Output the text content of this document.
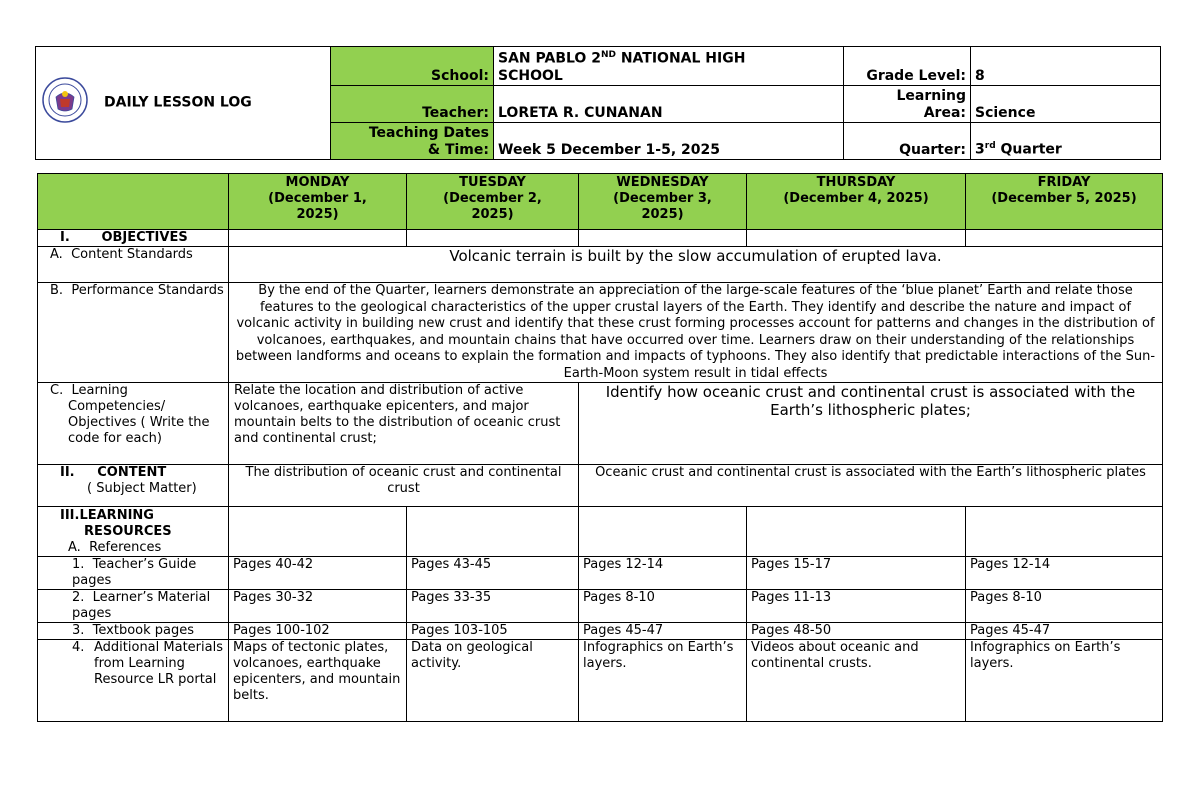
DAILY LESSON LOG	School:	SAN PABLO 2ND NATIONAL HIGH
SCHOOL	Grade Level:	8
	Teacher:	LORETA R. CUNANAN	Learning
Area:	Science
	Teaching Dates
& Time:	Week 5 December 1-5, 2025	Quarter:	3rd Quarter
	MONDAY
(December 1,
2025)	TUESDAY
(December 2,
2025)	WEDNESDAY
(December 3,
2025)	THURSDAY
(December 4, 2025)	FRIDAY
(December 5, 2025)
I. OBJECTIVES					
A. Content Standards	Volcanic terrain is built by the slow accumulation of erupted lava.				
B. Performance Standards	By the end of the Quarter, learners demonstrate an appreciation of the large-scale features of the ‘blue planet’ Earth and relate those features to the geological characteristics of the upper crustal layers of the Earth. They identify and describe the nature and impact of volcanic activity in building new crust and identify that these crust forming processes account for patterns and changes in the distribution of volcanoes, earthquakes, and mountain chains that have occurred over time. Learners draw on their understanding of the relationships between landforms and oceans to explain the formation and impacts of typhoons. They also identify that predictable interactions of the Sun-Earth-Moon system result in tidal effects				
C. Learning Competencies/ Objectives ( Write the code for each)	Relate the location and distribution of active volcanoes, earthquake epicenters, and major mountain belts to the distribution of oceanic crust and continental crust;		Identify how oceanic crust and continental crust is associated with the Earth’s lithospheric plates;		
II. CONTENT
( Subject Matter)	The distribution of oceanic crust and continental crust		Oceanic crust and continental crust is associated with the Earth’s lithospheric plates		
III.LEARNING
RESOURCES
A. References					
1. Teacher’s Guide pages	Pages 40-42	Pages 43-45	Pages 12-14	Pages 15-17	Pages 12-14
2. Learner’s Material pages	Pages 30-32	Pages 33-35	Pages 8-10	Pages 11-13	Pages 8-10
3. Textbook pages	Pages 100-102	Pages 103-105	Pages 45-47	Pages 48-50	Pages 45-47

4. Additional Materials from Learning Resource LR portal	Maps of tectonic plates, volcanoes, earthquake epicenters, and mountain belts.	Data on geological activity.	Infographics on Earth’s layers.	Videos about oceanic and continental crusts.	Infographics on Earth’s layers.
